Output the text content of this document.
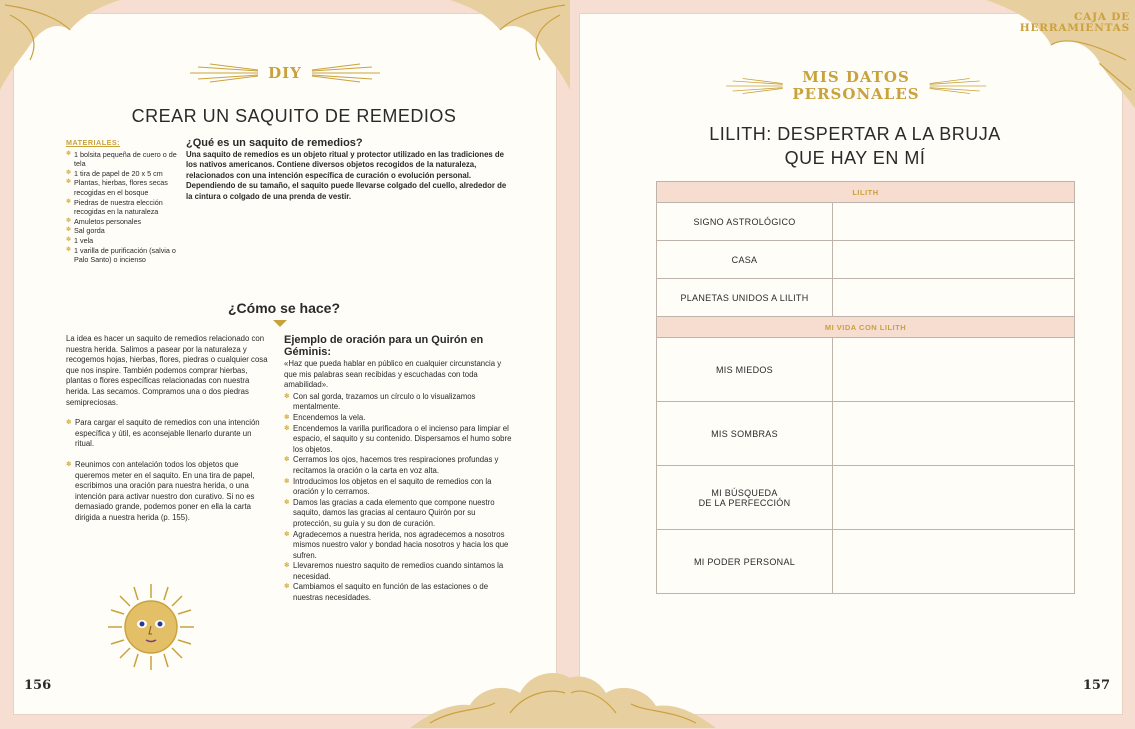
DIY
CREAR UN SAQUITO DE REMEDIOS
MATERIALES:
✽ 1 bolsita pequeña de cuero o de tela
✽ 1 tira de papel de 20 x 5 cm
✽ Plantas, hierbas, flores secas recogidas en el bosque
✽ Piedras de nuestra elección recogidas en la naturaleza
✽ Amuletos personales
✽ Sal gorda
✽ 1 vela
✽ 1 varilla de purificación (salvia o Palo Santo) o incienso
¿Qué es un saquito de remedios?

Una saquito de remedios es un objeto ritual y protector utilizado en las tradiciones de los nativos americanos. Contiene diversos objetos recogidos de la naturaleza, relacionados con una intención específica de curación o evolución personal. Dependiendo de su tamaño, el saquito puede llevarse colgado del cuello, alrededor de la cintura o colgado de una prenda de vestir.

¿Cómo se hace?

La idea es hacer un saquito de remedios relacionado con nuestra herida. Salimos a pasear por la naturaleza y recogemos hojas, hierbas, flores, piedras o cualquier cosa que nos inspire. También podemos comprar hierbas, plantas o flores específicas relacionadas con nuestra herida. Las secamos. Compramos una o dos piedras semipreciosas.

✽ Para cargar el saquito de remedios con una intención específica y útil, es aconsejable llenarlo durante un ritual.

✽ Reunimos con antelación todos los objetos que queremos meter en el saquito. En una tira de papel, escribimos una oración para nuestra herida, o una intención para activar nuestro don curativo. Si no es demasiado grande, podemos poner en ella la carta dirigida a nuestra herida (p. 155).

Ejemplo de oración para un Quirón en Géminis:

«Haz que pueda hablar en público en cualquier circunstancia y que mis palabras sean recibidas y escuchadas con toda amabilidad».

✽ Con sal gorda, trazamos un círculo o lo visualizamos mentalmente.
✽ Encendemos la vela.
✽ Encendemos la varilla purificadora o el incienso para limpiar el espacio, el saquito y su contenido. Dispersamos el humo sobre los objetos.
✽ Cerramos los ojos, hacemos tres respiraciones profundas y recitamos la oración o la carta en voz alta.
✽ Introducimos los objetos en el saquito de remedios con la oración y lo cerramos.
✽ Damos las gracias a cada elemento que compone nuestro saquito, damos las gracias al centauro Quirón por su protección, su guía y su don de curación.
✽ Agradecemos a nuestra herida, nos agradecemos a nosotros mismos nuestro valor y bondad hacia nosotros y hacia los que sufren.
✽ Llevaremos nuestro saquito de remedios cuando sintamos la necesidad.
✽ Cambiamos el saquito en función de las estaciones o de nuestras necesidades.
156
CAJA DE
HERRAMIENTAS
MIS DATOS
PERSONALES
LILITH: DESPERTAR A LA BRUJA
QUE HAY EN MÍ
LILITH
SIGNO ASTROLÓGICO
CASA
PLANETAS UNIDOS A LILITH
MI VIDA CON LILITH
MIS MIEDOS
MIS SOMBRAS
MI BÚSQUEDA
DE LA PERFECCIÓN
MI PODER PERSONAL
157
